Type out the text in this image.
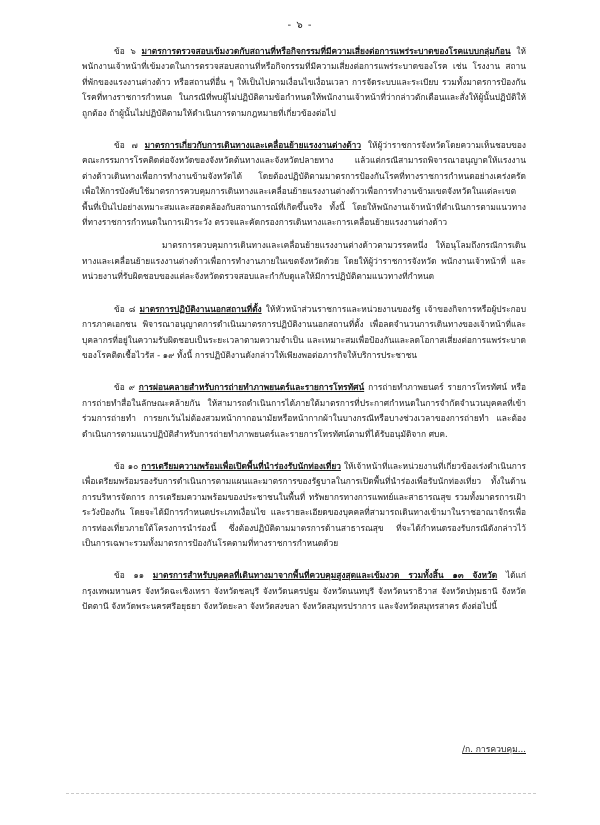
- ๖ -

ข้อ ๖ มาตรการตรวจสอบเข้มงวดกับสถานที่หรือกิจกรรมที่มีความเสี่ยงต่อการแพร่ระบาดของโรคแบบกลุ่มก้อน ให้พนักงานเจ้าหน้าที่เข้มงวดในการตรวจสอบสถานที่หรือกิจกรรมที่มีความเสี่ยงต่อการแพร่ระบาดของโรค เช่น โรงงาน สถานที่พักของแรงงานต่างด้าว หรือสถานที่อื่น ๆ ให้เป็นไปตามเงื่อนไขเงื่อนเวลา การจัดระบบและระเบียบ รวมทั้งมาตรการป้องกันโรคที่ทางราชการกำหนด ในกรณีที่พบผู้ไม่ปฏิบัติตามข้อกำหนดให้พนักงานเจ้าหน้าที่ว่ากล่าวตักเตือนและสั่งให้ผู้นั้นปฏิบัติให้ถูกต้อง ถ้าผู้นั้นไม่ปฏิบัติตามให้ดำเนินการตามกฎหมายที่เกี่ยวข้องต่อไป

ข้อ ๗ มาตรการเกี่ยวกับการเดินทางและเคลื่อนย้ายแรงงานต่างด้าว ให้ผู้ว่าราชการจังหวัดโดยความเห็นชอบของคณะกรรมการโรคติดต่อจังหวัดของจังหวัดต้นทางและจังหวัดปลายทาง แล้วแต่กรณีสามารถพิจารณาอนุญาตให้แรงงานต่างด้าวเดินทางเพื่อการทำงานข้ามจังหวัดได้ โดยต้องปฏิบัติตามมาตรการป้องกันโรคที่ทางราชการกำหนดอย่างเคร่งครัด เพื่อให้การบังคับใช้มาตรการควบคุมการเดินทางและเคลื่อนย้ายแรงงานต่างด้าวเพื่อการทำงานข้ามเขตจังหวัดในแต่ละเขตพื้นที่เป็นไปอย่างเหมาะสมและสอดคล้องกับสถานการณ์ที่เกิดขึ้นจริง ทั้งนี้ โดยให้พนักงานเจ้าหน้าที่ดำเนินการตามแนวทางที่ทางราชการกำหนดในการเฝ้าระวัง ตรวจและคัดกรองการเดินทางและการเคลื่อนย้ายแรงงานต่างด้าว
มาตรการควบคุมการเดินทางและเคลื่อนย้ายแรงงานต่างด้าวตามวรรคหนึ่ง ให้อนุโลมถึงกรณีการเดินทางและเคลื่อนย้ายแรงงานต่างด้าวเพื่อการทำงานภายในเขตจังหวัดด้วย โดยให้ผู้ว่าราชการจังหวัด พนักงานเจ้าหน้าที่ และหน่วยงานที่รับผิดชอบของแต่ละจังหวัดตรวจสอบและกำกับดูแลให้มีการปฏิบัติตามแนวทางที่กำหนด

ข้อ ๘ มาตรการปฏิบัติงานนอกสถานที่ตั้ง ให้หัวหน้าส่วนราชการและหน่วยงานของรัฐ เจ้าของกิจการหรือผู้ประกอบการภาคเอกชน พิจารณาอนุญาตการดำเนินมาตรการปฏิบัติงานนอกสถานที่ตั้ง เพื่อลดจำนวนการเดินทางของเจ้าหน้าที่และบุคลากรที่อยู่ในความรับผิดชอบเป็นระยะเวลาตามความจำเป็น และเหมาะสมเพื่อป้องกันและลดโอกาสเสี่ยงต่อการแพร่ระบาดของโรคติดเชื้อไวรัส - ๑๙ ทั้งนี้ การปฏิบัติงานดังกล่าวให้เพียงพอต่อภารกิจให้บริการประชาชน

ข้อ ๙ การผ่อนคลายสำหรับการถ่ายทำภาพยนตร์และรายการโทรทัศน์ การถ่ายทำภาพยนตร์ รายการโทรทัศน์ หรือการถ่ายทำสื่อในลักษณะคล้ายกัน ให้สามารถดำเนินการได้ภายใต้มาตรการที่ประกาศกำหนดในการจำกัดจำนวนบุคคลที่เข้าร่วมการถ่ายทำ การยกเว้นไม่ต้องสวมหน้ากากอนามัยหรือหน้ากากผ้าในบางกรณีหรือบางช่วงเวลาของการถ่ายทำ และต้องดำเนินการตามแนวปฏิบัติสำหรับการถ่ายทำภาพยนตร์และรายการโทรทัศน์ตามที่ได้รับอนุมัติจาก ศบค.

ข้อ ๑๐ การเตรียมความพร้อมเพื่อเปิดพื้นที่นำร่องรับนักท่องเที่ยว ให้เจ้าหน้าที่และหน่วยงานที่เกี่ยวข้องเร่งดำเนินการเพื่อเตรียมพร้อมรองรับการดำเนินการตามแผนและมาตรการของรัฐบาลในการเปิดพื้นที่นำร่องเพื่อรับนักท่องเที่ยว ทั้งในด้านการบริหารจัดการ การเตรียมความพร้อมของประชาชนในพื้นที่ ทรัพยากรทางการแพทย์และสาธารณสุข รวมทั้งมาตรการเฝ้าระวังป้องกัน โดยจะได้มีการกำหนดประเภทเงื่อนไข และรายละเอียดของบุคคลที่สามารถเดินทางเข้ามาในราชอาณาจักรเพื่อการท่องเที่ยวภายใต้โครงการนำร่องนี้ ซึ่งต้องปฏิบัติตามมาตรการด้านสาธารณสุข ที่จะได้กำหนดรองรับกรณีดังกล่าวไว้เป็นการเฉพาะรวมทั้งมาตรการป้องกันโรคตามที่ทางราชการกำหนดด้วย

ข้อ ๑๑ มาตรการสำหรับบุคคลที่เดินทางมาจากพื้นที่ควบคุมสูงสุดและเข้มงวด รวมทั้งสิ้น ๑๓ จังหวัด ได้แก่ กรุงเทพมหานคร จังหวัดฉะเชิงเทรา จังหวัดชลบุรี จังหวัดนครปฐม จังหวัดนนทบุรี จังหวัดนราธิวาส จังหวัดปทุมธานี จังหวัดปัตตานี จังหวัดพระนครศรีอยุธยา จังหวัดยะลา จังหวัดสงขลา จังหวัดสมุทรปราการ และจังหวัดสมุทรสาคร ดังต่อไปนี้

/ก. การควบคุม...
